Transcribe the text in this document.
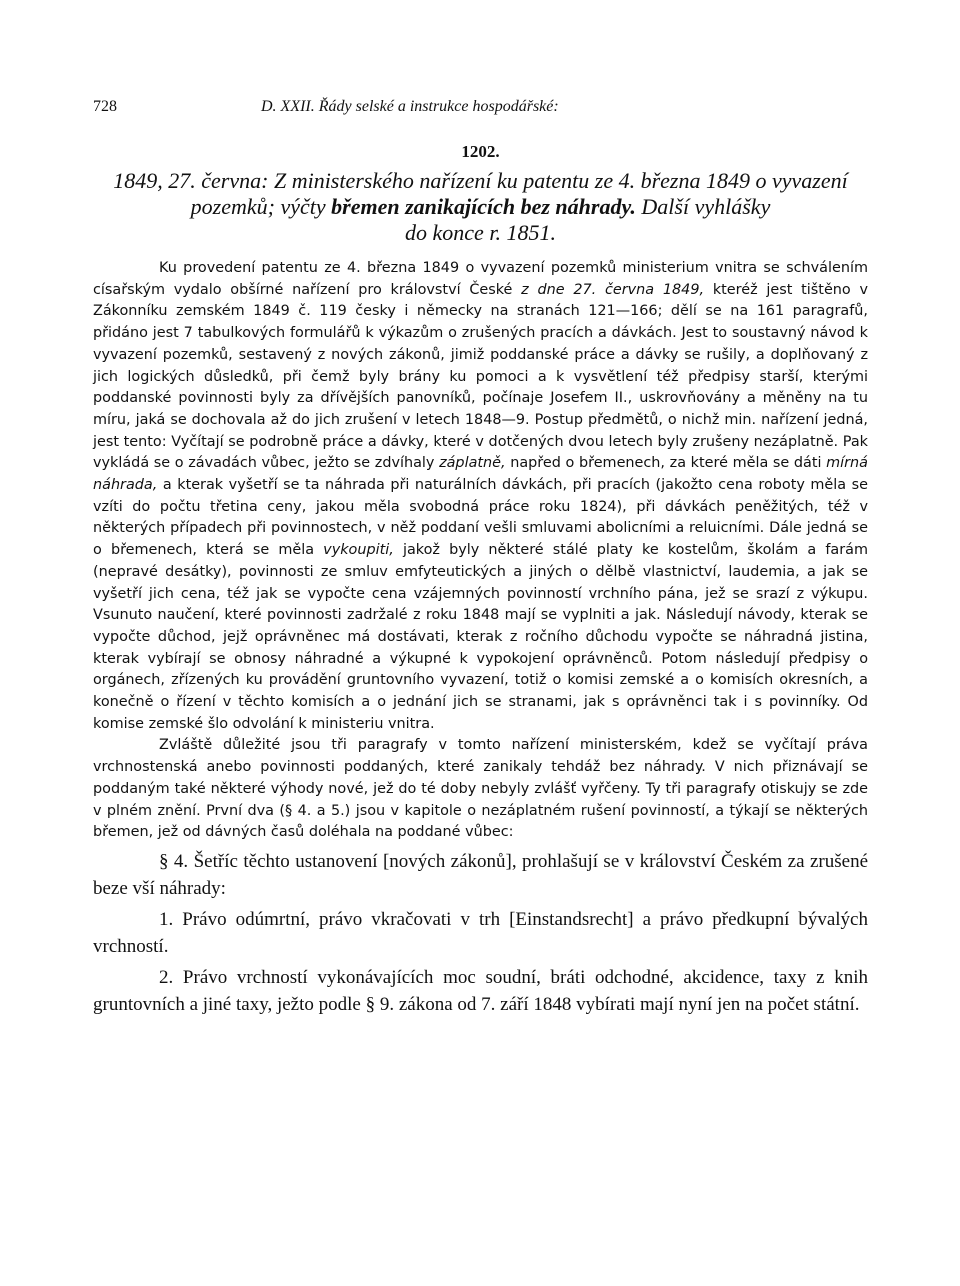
728	D. XXII. Řády selské a instrukce hospodářské:
1202.
1849, 27. června: Z ministerského nařízení ku patentu ze 4. března 1849 o vyvazení
pozemků; výčty břemen zanikajících bez náhrady. Další vyhlášky
do konce r. 1851.

Ku provedení patentu ze 4. března 1849 o vyvazení pozemků ministerium vnitra se schválením císařským vydalo obšírné nařízení pro království České z dne 27. června 1849, kteréž jest tištěno v Zákonníku zemském 1849 č. 119 česky i německy na stranách 121—166; dělí se na 161 paragrafů, přidáno jest 7 tabulkových formulářů k výkazům o zrušených pracích a dávkách. Jest to soustavný návod k vyvazení pozemků, sestavený z nových zákonů, jimiž poddanské práce a dávky se rušily, a doplňovaný z jich logických důsledků, při čemž byly brány ku pomoci a k vysvětlení též předpisy starší, kterými poddanské povinnosti byly za dřívějších panovníků, počínaje Josefem II., uskrovňovány a měněny na tu míru, jaká se dochovala až do jich zrušení v letech 1848—9. Postup předmětů, o nichž min. nařízení jedná, jest tento: Vyčítají se podrobně práce a dávky, které v dotčených dvou letech byly zrušeny nezáplatně. Pak vykládá se o závadách vůbec, ježto se zdvíhaly záplatně, napřed o břemenech, za které měla se dáti mírná náhrada, a kterak vyšetří se ta náhrada při naturálních dávkách, při pracích (jakožto cena roboty měla se vzíti do počtu třetina ceny, jakou měla svobodná práce roku 1824), při dávkách peněžitých, též v některých případech při povinnostech, v něž poddaní vešli smluvami abolicními a reluicními. Dále jedná se o břemenech, která se měla vykoupiti, jakož byly některé stálé platy ke kostelům, školám a farám (nepravé desátky), povinnosti ze smluv emfyteutických a jiných o dělbě vlastnictví, laudemia, a jak se vyšetří jich cena, též jak se vypočte cena vzájemných povinností vrchního pána, jež se srazí z výkupu. Vsunuto naučení, které povinnosti zadržalé z roku 1848 mají se vyplniti a jak. Následují návody, kterak se vypočte důchod, jejž oprávněnec má dostávati, kterak z ročního důchodu vypočte se náhradná jistina, kterak vybírají se obnosy náhradné a výkupné k vypokojení oprávněnců. Potom následují předpisy o orgánech, zřízených ku provádění gruntovního vyvazení, totiž o komisi zemské a o komisích okresních, a konečně o řízení v těchto komisích a o jednání jich se stranami, jak s oprávněnci tak i s povinníky. Od komise zemské šlo odvolání k ministeriu vnitra.

Zvláště důležité jsou tři paragrafy v tomto nařízení ministerském, kdež se vyčítají práva vrchnostenská anebo povinnosti poddaných, které zanikaly tehdáž bez náhrady. V nich přiznávají se poddaným také některé výhody nové, jež do té doby nebyly zvlášť vyřčeny. Ty tři paragrafy otiskujy se zde v plném znění. První dva (§ 4. a 5.) jsou v kapitole o nezáplatném rušení povinností, a týkají se některých břemen, jež od dávných časů doléhala na poddané vůbec:

§ 4. Šetříc těchto ustanovení [nových zákonů], prohlašují se v království Českém za zrušené beze vší náhrady:

1. Právo odúmrtní, právo vkračovati v trh [Einstandsrecht] a právo předkupní bývalých vrchností.

2. Právo vrchností vykonávajících moc soudní, bráti odchodné, akcidence, taxy z knih gruntovních a jiné taxy, ježto podle § 9. zákona od 7. září 1848 vybírati mají nyní jen na počet státní.
